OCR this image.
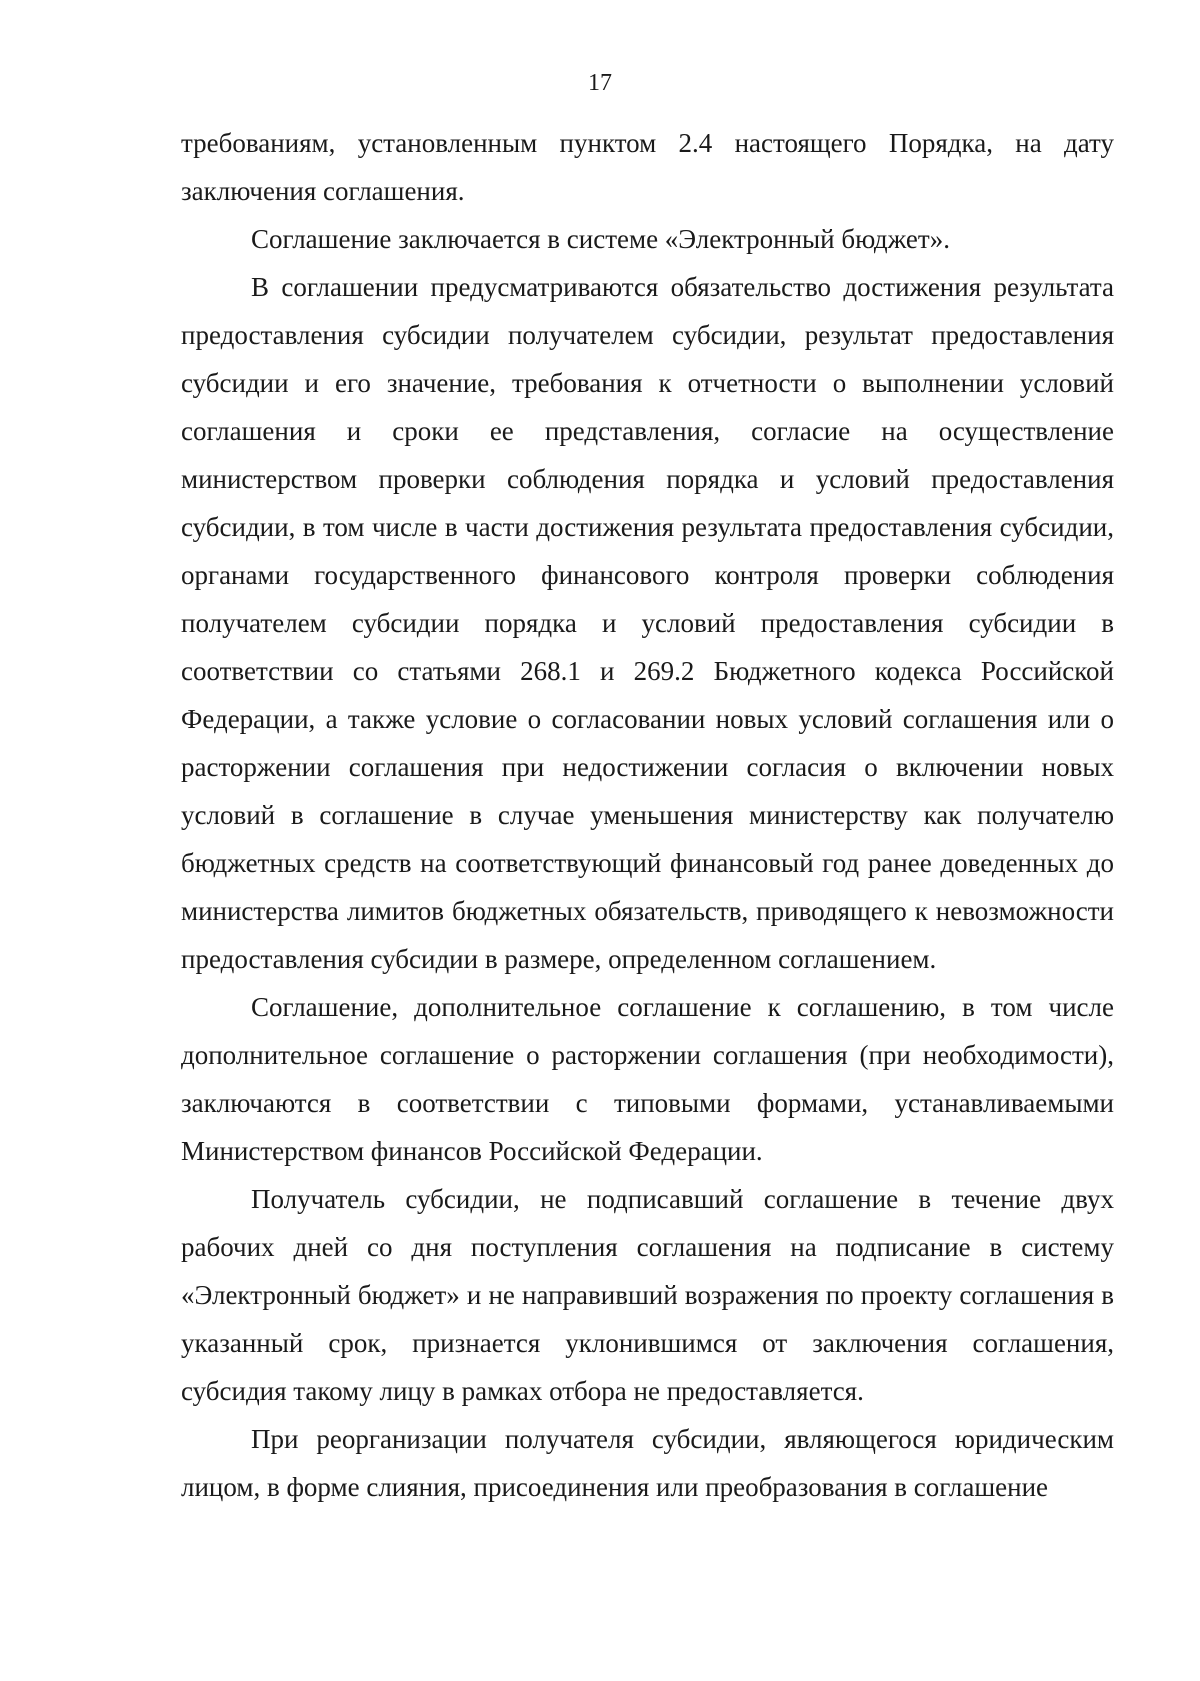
17

требованиям, установленным пунктом 2.4 настоящего Порядка, на дату заключения соглашения.

Соглашение заключается в системе «Электронный бюджет».

В соглашении предусматриваются обязательство достижения результата предоставления субсидии получателем субсидии, результат предоставления субсидии и его значение, требования к отчетности о выполнении условий соглашения и сроки ее представления, согласие на осуществление министерством проверки соблюдения порядка и условий предоставления субсидии, в том числе в части достижения результата предоставления субсидии, органами государственного финансового контроля проверки соблюдения получателем субсидии порядка и условий предоставления субсидии в соответствии со статьями 268.1 и 269.2 Бюджетного кодекса Российской Федерации, а также условие о согласовании новых условий соглашения или о расторжении соглашения при недостижении согласия о включении новых условий в соглашение в случае уменьшения министерству как получателю бюджетных средств на соответствующий финансовый год ранее доведенных до министерства лимитов бюджетных обязательств, приводящего к невозможности предоставления субсидии в размере, определенном соглашением.

Соглашение, дополнительное соглашение к соглашению, в том числе дополнительное соглашение о расторжении соглашения (при необходимости), заключаются в соответствии с типовыми формами, устанавливаемыми Министерством финансов Российской Федерации.

Получатель субсидии, не подписавший соглашение в течение двух рабочих дней со дня поступления соглашения на подписание в систему «Электронный бюджет» и не направивший возражения по проекту соглашения в указанный срок, признается уклонившимся от заключения соглашения, субсидия такому лицу в рамках отбора не предоставляется.

При реорганизации получателя субсидии, являющегося юридическим лицом, в форме слияния, присоединения или преобразования в соглашение
